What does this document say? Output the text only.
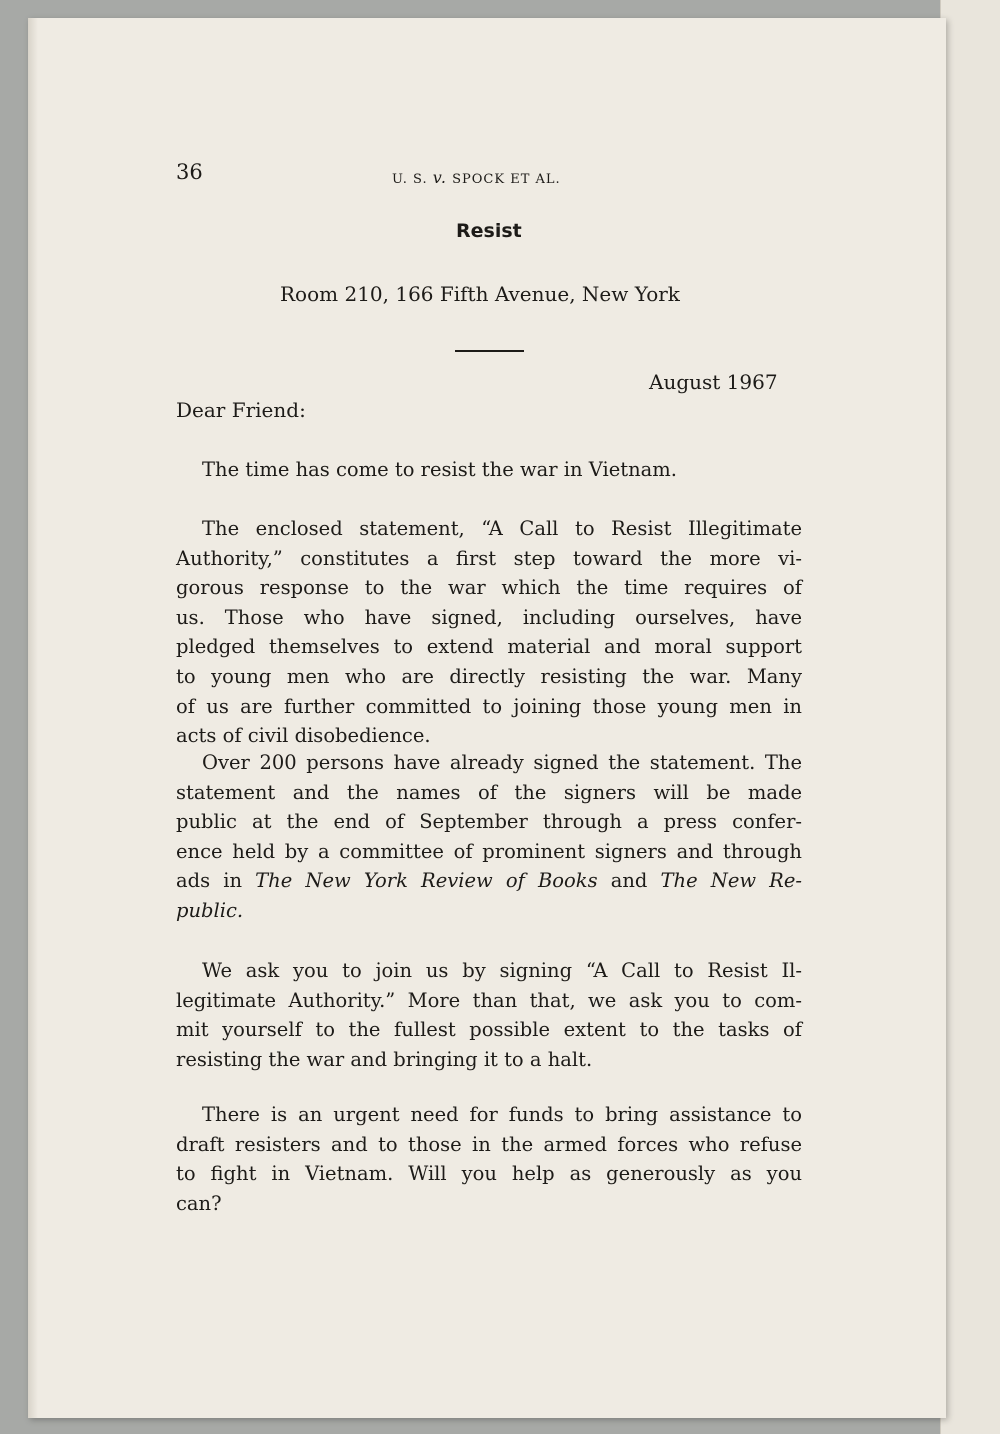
36	U. S. v. SPOCK ET AL.
Resist
Room 210, 166 Fifth Avenue, New York
August 1967
Dear Friend:
The time has come to resist the war in Vietnam.
The enclosed statement, “A Call to Resist Illegitimate
Authority,” constitutes a first step toward the more vi-
gorous response to the war which the time requires of
us. Those who have signed, including ourselves, have
pledged themselves to extend material and moral support
to young men who are directly resisting the war. Many
of us are further committed to joining those young men in
acts of civil disobedience.
Over 200 persons have already signed the statement. The
statement and the names of the signers will be made
public at the end of September through a press confer-
ence held by a committee of prominent signers and through
ads in The New York Review of Books and The New Re-
public.
We ask you to join us by signing “A Call to Resist Il-
legitimate Authority.” More than that, we ask you to com-
mit yourself to the fullest possible extent to the tasks of
resisting the war and bringing it to a halt.
There is an urgent need for funds to bring assistance to
draft resisters and to those in the armed forces who refuse
to fight in Vietnam. Will you help as generously as you
can?
